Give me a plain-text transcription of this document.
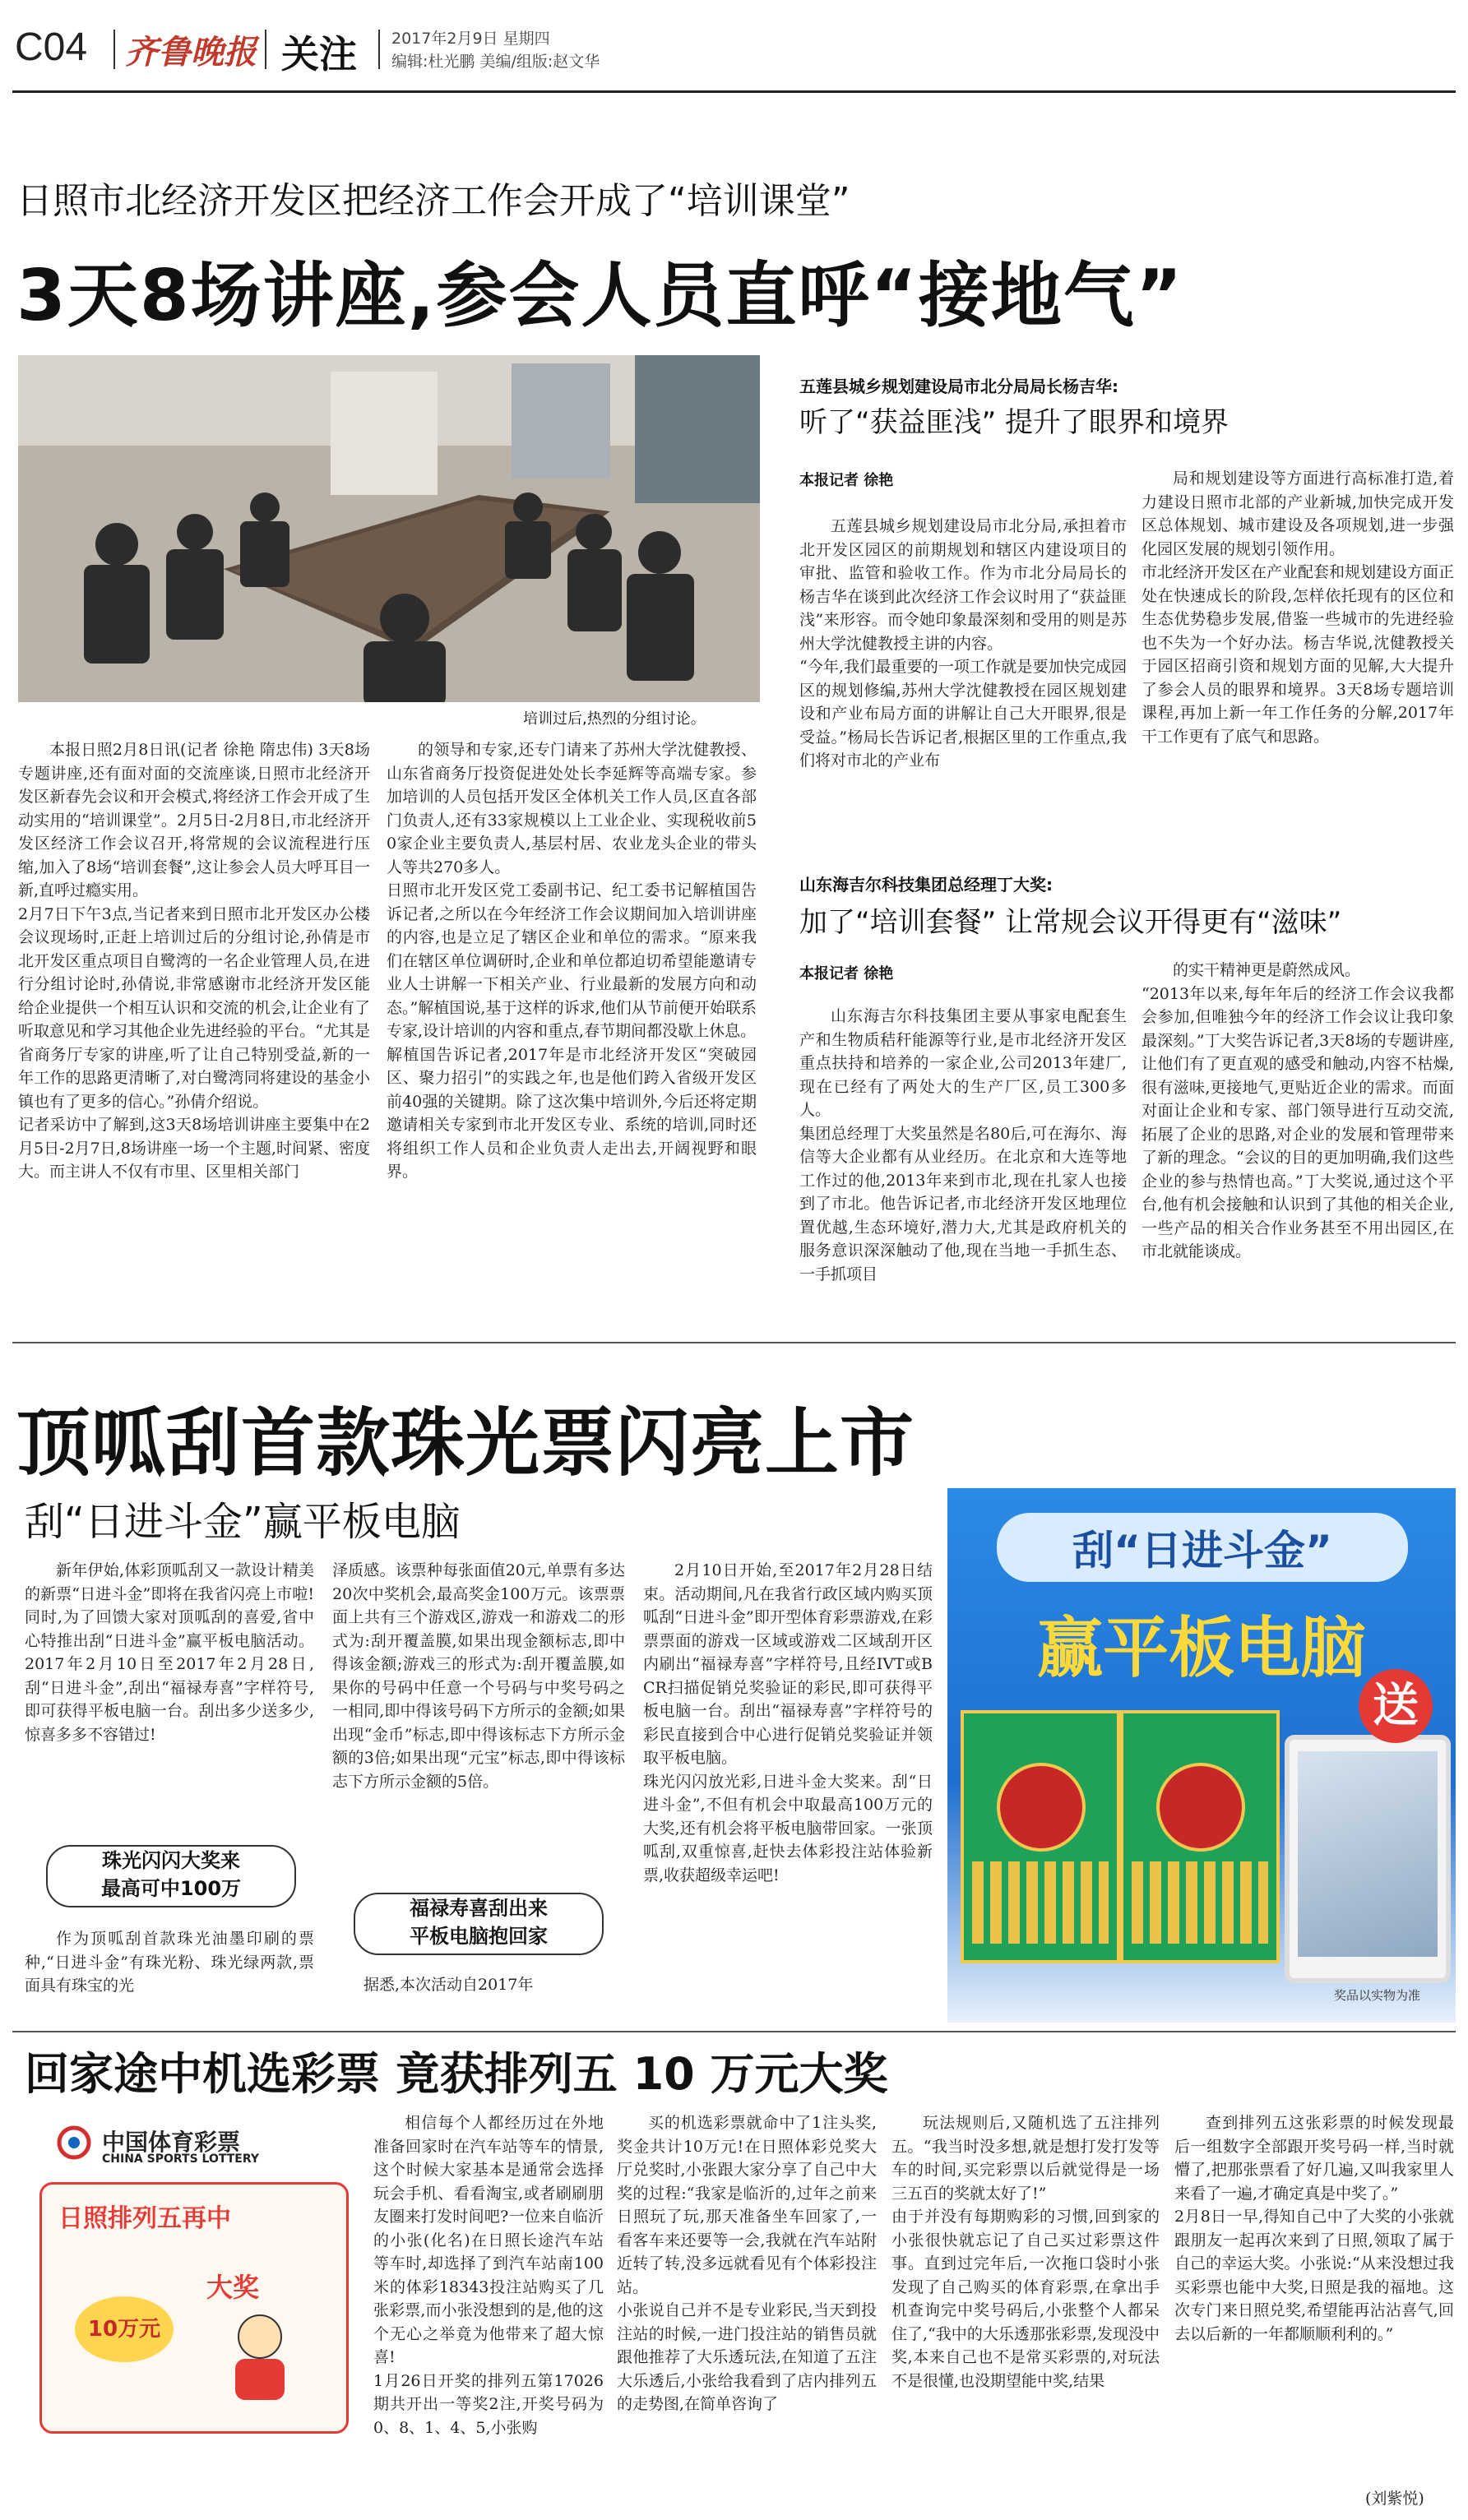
C04 齐鲁晚报 关注 2017年2月9日 星期四
编辑:杜光鹏 美编/组版:赵文华
日照市北经济开发区把经济工作会开成了“培训课堂”
3天8场讲座,参会人员直呼“接地气”
培训过后,热烈的分组讨论。
本报日照2月8日讯(记者 徐艳 隋忠伟) 3天8场专题讲座,还有面对面的交流座谈,日照市北经济开发区新春先会议和开会模式,将经济工作会开成了生动实用的“培训课堂”。2月5日-2月8日,市北经济开发区经济工作会议召开,将常规的会议流程进行压缩,加入了8场“培训套餐”,这让参会人员大呼耳目一新,直呼过瘾实用。
2月7日下午3点,当记者来到日照市北开发区办公楼会议现场时,正赶上培训过后的分组讨论,孙倩是市北开发区重点项目自鹭湾的一名企业管理人员,在进行分组讨论时,孙倩说,非常感谢市北经济开发区能给企业提供一个相互认识和交流的机会,让企业有了听取意见和学习其他企业先进经验的平台。“尤其是省商务厅专家的讲座,听了让自己特别受益,新的一年工作的思路更清晰了,对白鹭湾同将建设的基金小镇也有了更多的信心。”孙倩介绍说。
记者采访中了解到,这3天8场培训讲座主要集中在2月5日-2月7日,8场讲座一场一个主题,时间紧、密度大。而主讲人不仅有市里、区里相关部门
的领导和专家,还专门请来了苏州大学沈健教授、山东省商务厅投资促进处处长李延辉等高端专家。参加培训的人员包括开发区全体机关工作人员,区直各部门负责人,还有33家规模以上工业企业、实现税收前50家企业主要负责人,基层村居、农业龙头企业的带头人等共270多人。
日照市北开发区党工委副书记、纪工委书记解植国告诉记者,之所以在今年经济工作会议期间加入培训讲座的内容,也是立足了辖区企业和单位的需求。“原来我们在辖区单位调研时,企业和单位都迫切希望能邀请专业人士讲解一下相关产业、行业最新的发展方向和动态。”解植国说,基于这样的诉求,他们从节前便开始联系专家,设计培训的内容和重点,春节期间都没歇上休息。
解植国告诉记者,2017年是市北经济开发区“突破园区、聚力招引”的实践之年,也是他们跨入省级开发区前40强的关键期。除了这次集中培训外,今后还将定期邀请相关专家到市北开发区专业、系统的培训,同时还将组织工作人员和企业负责人走出去,开阔视野和眼界。
五莲县城乡规划建设局市北分局局长杨吉华:
听了“获益匪浅” 提升了眼界和境界
本报记者 徐艳
五莲县城乡规划建设局市北分局,承担着市北开发区园区的前期规划和辖区内建设项目的审批、监管和验收工作。作为市北分局局长的杨吉华在谈到此次经济工作会议时用了“获益匪浅”来形容。而令她印象最深刻和受用的则是苏州大学沈健教授主讲的内容。
“今年,我们最重要的一项工作就是要加快完成园区的规划修编,苏州大学沈健教授在园区规划建设和产业布局方面的讲解让自己大开眼界,很是受益。”杨局长告诉记者,根据区里的工作重点,我们将对市北的产业布
局和规划建设等方面进行高标准打造,着力建设日照市北部的产业新城,加快完成开发区总体规划、城市建设及各项规划,进一步强化园区发展的规划引领作用。
市北经济开发区在产业配套和规划建设方面正处在快速成长的阶段,怎样依托现有的区位和生态优势稳步发展,借鉴一些城市的先进经验也不失为一个好办法。杨吉华说,沈健教授关于园区招商引资和规划方面的见解,大大提升了参会人员的眼界和境界。3天8场专题培训课程,再加上新一年工作任务的分解,2017年干工作更有了底气和思路。
山东海吉尔科技集团总经理丁大奖:
加了“培训套餐” 让常规会议开得更有“滋味”
本报记者 徐艳
山东海吉尔科技集团主要从事家电配套生产和生物质秸秆能源等行业,是市北经济开发区重点扶持和培养的一家企业,公司2013年建厂,现在已经有了两处大的生产厂区,员工300多人。
集团总经理丁大奖虽然是名80后,可在海尔、海信等大企业都有从业经历。在北京和大连等地工作过的他,2013年来到市北,现在扎家人也接到了市北。他告诉记者,市北经济开发区地理位置优越,生态环境好,潜力大,尤其是政府机关的服务意识深深触动了他,现在当地一手抓生态、一手抓项目
的实干精神更是蔚然成风。
“2013年以来,每年年后的经济工作会议我都会参加,但唯独今年的经济工作会议让我印象最深刻。”丁大奖告诉记者,3天8场的专题讲座,让他们有了更直观的感受和触动,内容不枯燥,很有滋味,更接地气,更贴近企业的需求。而面对面让企业和专家、部门领导进行互动交流,拓展了企业的思路,对企业的发展和管理带来了新的理念。“会议的目的更加明确,我们这些企业的参与热情也高。”丁大奖说,通过这个平台,他有机会接触和认识到了其他的相关企业,一些产品的相关合作业务甚至不用出园区,在市北就能谈成。
顶呱刮首款珠光票闪亮上市
刮“日进斗金”赢平板电脑
新年伊始,体彩顶呱刮又一款设计精美的新票“日进斗金”即将在我省闪亮上市啦!同时,为了回馈大家对顶呱刮的喜爱,省中心特推出刮“日进斗金”赢平板电脑活动。2017年2月10日至2017年2月28日,刮“日进斗金”,刮出“福禄寿喜”字样符号,即可获得平板电脑一台。刮出多少送多少,惊喜多多不容错过!
珠光闪闪大奖来
最高可中100万
作为顶呱刮首款珠光油墨印刷的票种,“日进斗金”有珠光粉、珠光绿两款,票面具有珠宝的光
泽质感。该票种每张面值20元,单票有多达20次中奖机会,最高奖金100万元。该票票面上共有三个游戏区,游戏一和游戏二的形式为:刮开覆盖膜,如果出现金额标志,即中得该金额;游戏三的形式为:刮开覆盖膜,如果你的号码中任意一个号码与中奖号码之一相同,即中得该号码下方所示的金额;如果出现“金币”标志,即中得该标志下方所示金额的3倍;如果出现“元宝”标志,即中得该标志下方所示金额的5倍。
福禄寿喜刮出来
平板电脑抱回家
据悉,本次活动自2017年
2月10日开始,至2017年2月28日结束。活动期间,凡在我省行政区域内购买顶呱刮“日进斗金”即开型体育彩票游戏,在彩票票面的游戏一区域或游戏二区域刮开区内刷出“福禄寿喜”字样符号,且经IVT或BCR扫描促销兑奖验证的彩民,即可获得平板电脑一台。刮出“福禄寿喜”字样符号的彩民直接到合中心进行促销兑奖验证并领取平板电脑。
珠光闪闪放光彩,日进斗金大奖来。刮“日进斗金”,不但有机会中取最高100万元的大奖,还有机会将平板电脑带回家。一张顶呱刮,双重惊喜,赶快去体彩投注站体验新票,收获超级幸运吧!
刮“日进斗金”
赢平板电脑
送
奖品以实物为准
回家途中机选彩票 竟获排列五 10 万元大奖
中国体育彩票
CHINA SPORTS LOTTERY
日照排列五再中
10万元
大奖
相信每个人都经历过在外地准备回家时在汽车站等车的情景,这个时候大家基本是通常会选择玩会手机、看看淘宝,或者刷刷朋友圈来打发时间吧?一位来自临沂的小张(化名)在日照长途汽车站等车时,却选择了到汽车站南100米的体彩18343投注站购买了几张彩票,而小张没想到的是,他的这个无心之举竟为他带来了超大惊喜!
1月26日开奖的排列五第17026期共开出一等奖2注,开奖号码为0、8、1、4、5,小张购
买的机选彩票就命中了1注头奖,奖金共计10万元!在日照体彩兑奖大厅兑奖时,小张跟大家分享了自己中大奖的过程:“我家是临沂的,过年之前来日照玩了玩,那天准备坐车回家了,一看客车来还要等一会,我就在汽车站附近转了转,没多远就看见有个体彩投注站。
小张说自己并不是专业彩民,当天到投注站的时候,一进门投注站的销售员就跟他推荐了大乐透玩法,在知道了五注大乐透后,小张给我看到了店内排列五的走势图,在简单咨询了
玩法规则后,又随机选了五注排列五。“我当时没多想,就是想打发打发等车的时间,买完彩票以后就觉得是一场三五百的奖就太好了!”
由于并没有每期购彩的习惯,回到家的小张很快就忘记了自己买过彩票这件事。直到过完年后,一次拖口袋时小张发现了自己购买的体育彩票,在拿出手机查询完中奖号码后,小张整个人都呆住了,“我中的大乐透那张彩票,发现没中奖,本来自己也不是常买彩票的,对玩法不是很懂,也没期望能中奖,结果
查到排列五这张彩票的时候发现最后一组数字全部跟开奖号码一样,当时就懵了,把那张票看了好几遍,又叫我家里人来看了一遍,才确定真是中奖了。”
2月8日一早,得知自己中了大奖的小张就跟朋友一起再次来到了日照,领取了属于自己的幸运大奖。小张说:“从来没想过我买彩票也能中大奖,日照是我的福地。这次专门来日照兑奖,希望能再沾沾喜气,回去以后新的一年都顺顺利利的。”
(刘紫悦)
